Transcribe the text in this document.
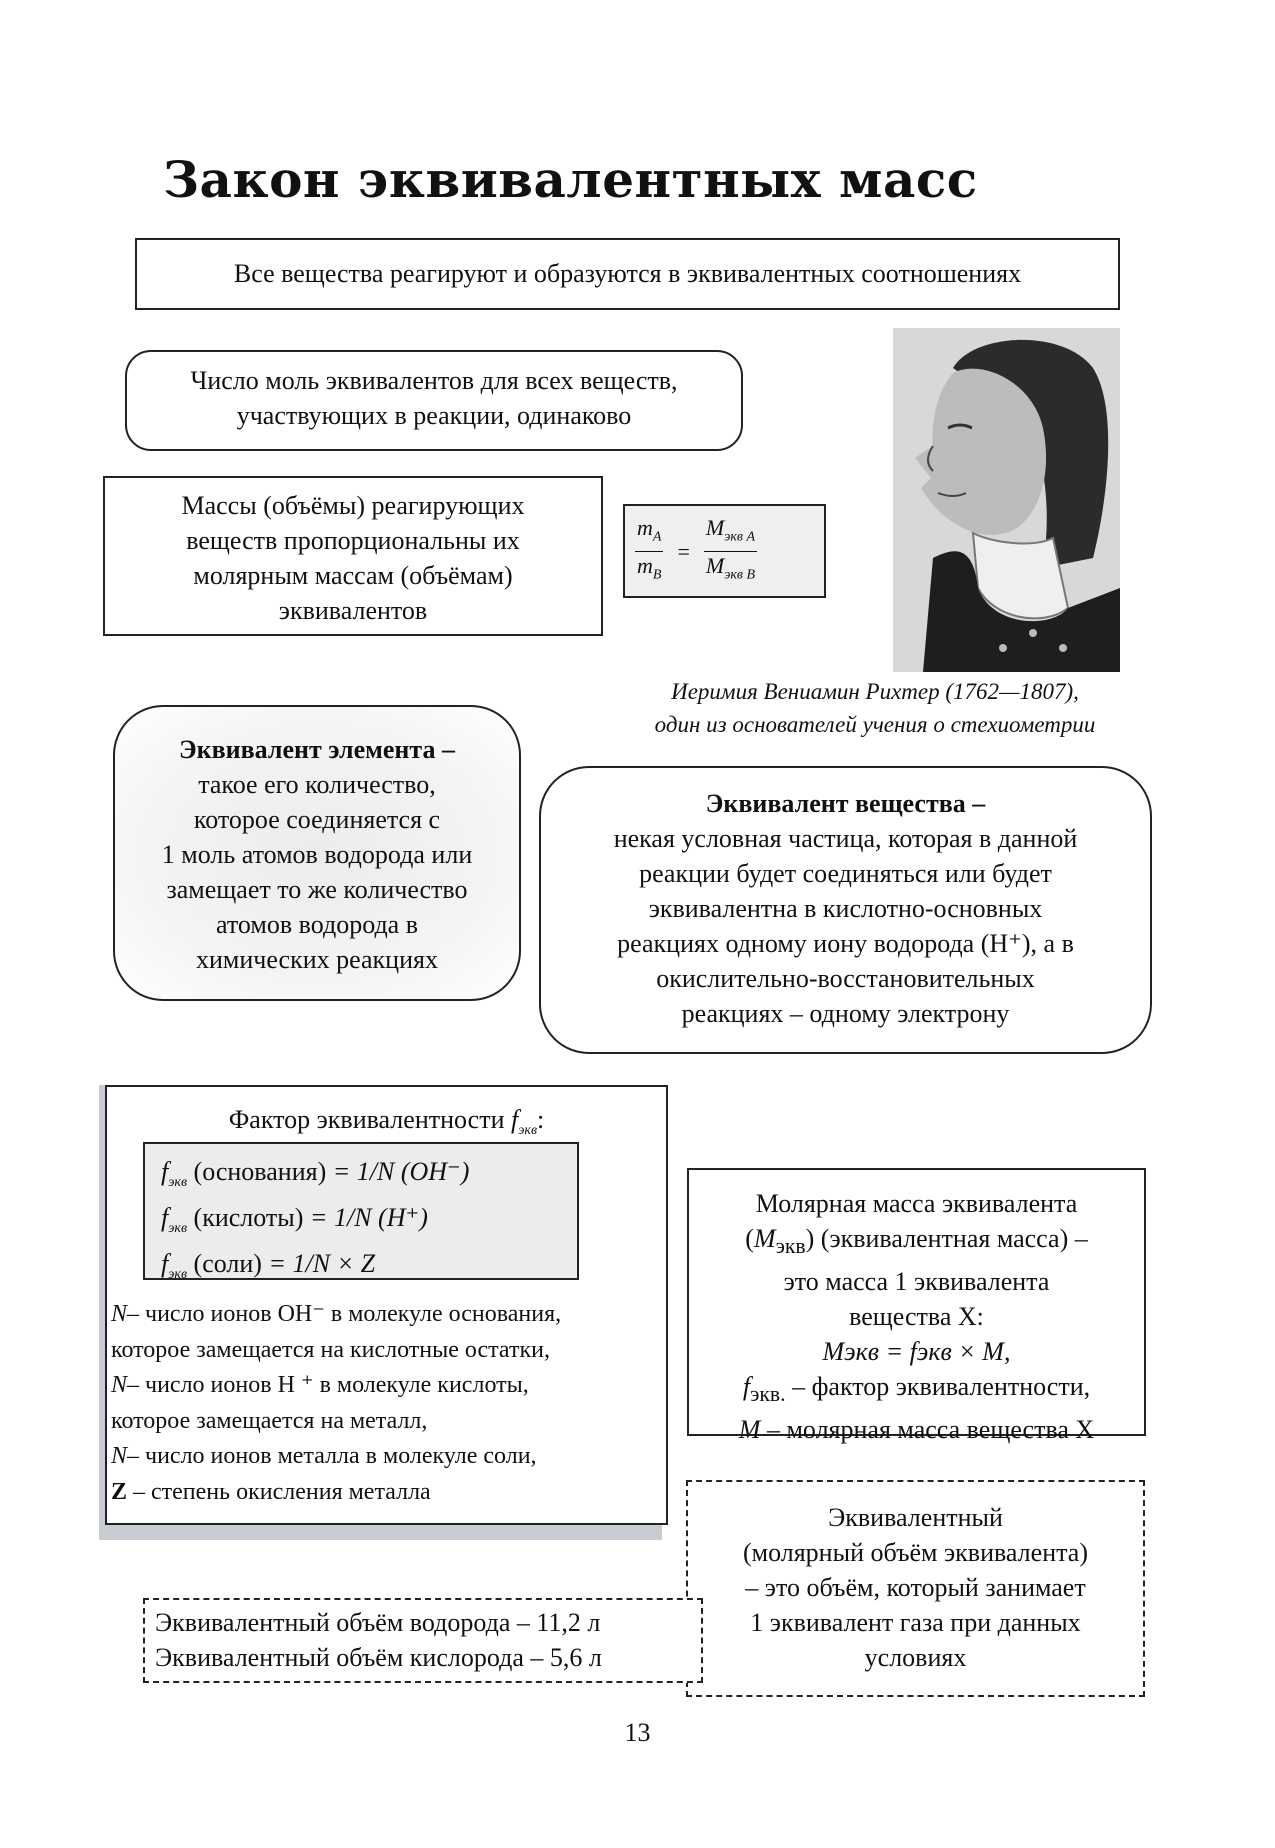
Закон эквивалентных масс
Все вещества реагируют и образуются в эквивалентных соотношениях
Число моль эквивалентов для всех веществ,
участвующих в реакции, одинаково
Массы (объёмы) реагирующих
веществ пропорциональны их
молярным массам (объёмам)
эквивалентов
$\frac{m_A}{m_B} = \frac{M_{экв A}}{M_{экв B}}$
Иеримия Вениамин Рихтер (1762—1807),
один из основателей учения о стехиометрии
Эквивалент элемента –
такое его количество,
которое соединяется с
1 моль атомов водорода или
замещает то же количество
атомов водорода в
химических реакциях
Эквивалент вещества –
некая условная частица, которая в данной
реакции будет соединяться или будет
эквивалентна в кислотно-основных
реакциях одному иону водорода (H⁺), а в
окислительно-восстановительных
реакциях – одному электрону
Фактор эквивалентности $f_{экв}$:
$f_{экв}$ (основания) = 1/N (OH⁻)
$f_{экв}$ (кислоты) = 1/N (H⁺)
$f_{экв}$ (соли) = 1/N × Z
N– число ионов OH⁻ в молекуле основания,
которое замещается на кислотные остатки,
N– число ионов H ⁺ в молекуле кислоты,
которое замещается на металл,
N– число ионов металла в молекуле соли,
Z – степень окисления металла
Молярная масса эквивалента
$(M_{экв})$ (эквивалентная масса) –
это масса 1 эквивалента
вещества X:
Mэкв = fэкв × M,
$f_{экв.}$ – фактор эквивалентности,
M – молярная масса вещества X
Эквивалентный
(молярный объём эквивалента)
– это объём, который занимает
1 эквивалент газа при данных
условиях
Эквивалентный объём водорода – 11,2 л
Эквивалентный объём кислорода – 5,6 л
13
